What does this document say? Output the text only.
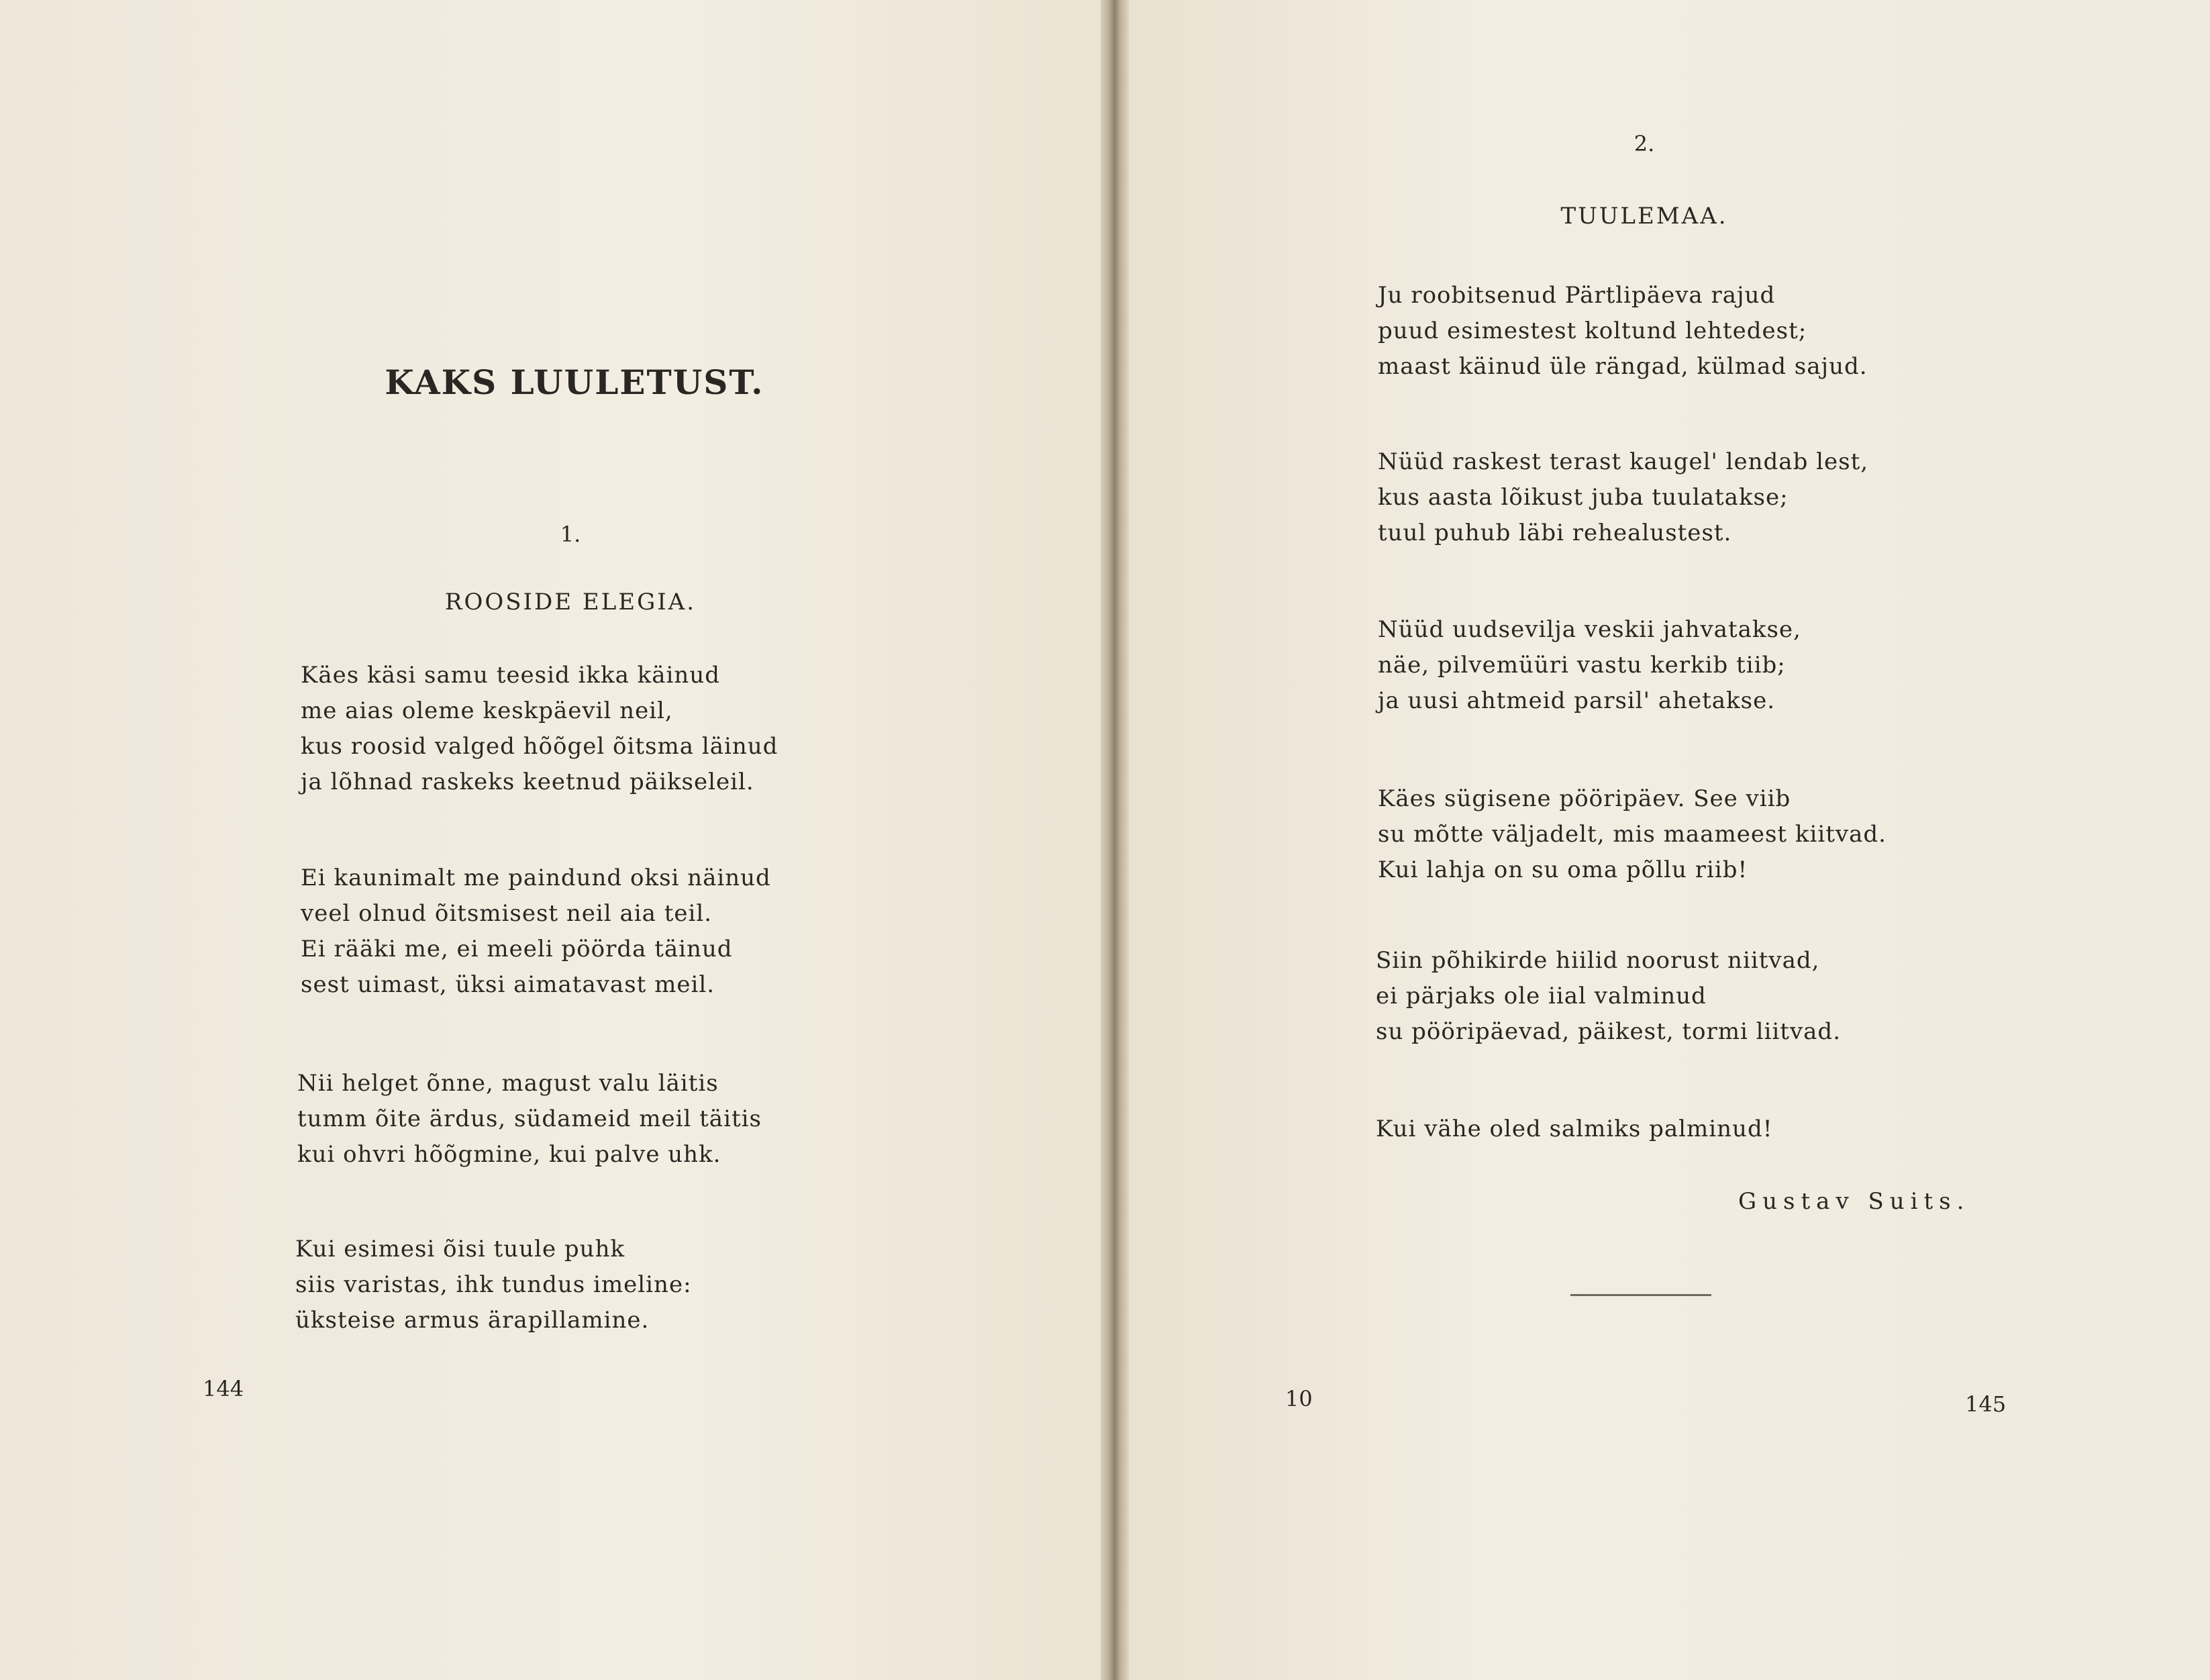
KAKS LUULETUST.
1.
ROOSIDE ELEGIA.
Käes käsi samu teesid ikka käinud
me aias oleme keskpäevil neil,
kus roosid valged hõõgel õitsma läinud
ja lõhnad raskeks keetnud päikseleil.
Ei kaunimalt me paindund oksi näinud
veel olnud õitsmisest neil aia teil.
Ei rääki me, ei meeli pöörda täinud
sest uimast, üksi aimatavast meil.
Nii helget õnne, magust valu läitis
tumm õite ärdus, südameid meil täitis
kui ohvri hõõgmine, kui palve uhk.
Kui esimesi õisi tuule puhk
siis varistas, ihk tundus imeline:
üksteise armus ärapillamine.
144
2.
TUULEMAA.
Ju roobitsenud Pärtlipäeva rajud
puud esimestest koltund lehtedest;
maast käinud üle rängad, külmad sajud.
Nüüd raskest terast kaugel' lendab lest,
kus aasta lõikust juba tuulatakse;
tuul puhub läbi rehealustest.
Nüüd uudsevilja veskii jahvatakse,
näe, pilvemüüri vastu kerkib tiib;
ja uusi ahtmeid parsil' ahetakse.
Käes sügisene pööripäev. See viib
su mõtte väljadelt, mis maameest kiitvad.
Kui lahja on su oma põllu riib!
Siin põhikirde hiilid noorust niitvad,
ei pärjaks ole iial valminud
su pööripäevad, päikest, tormi liitvad.
Kui vähe oled salmiks palminud!
Gustav Suits.
10	145
